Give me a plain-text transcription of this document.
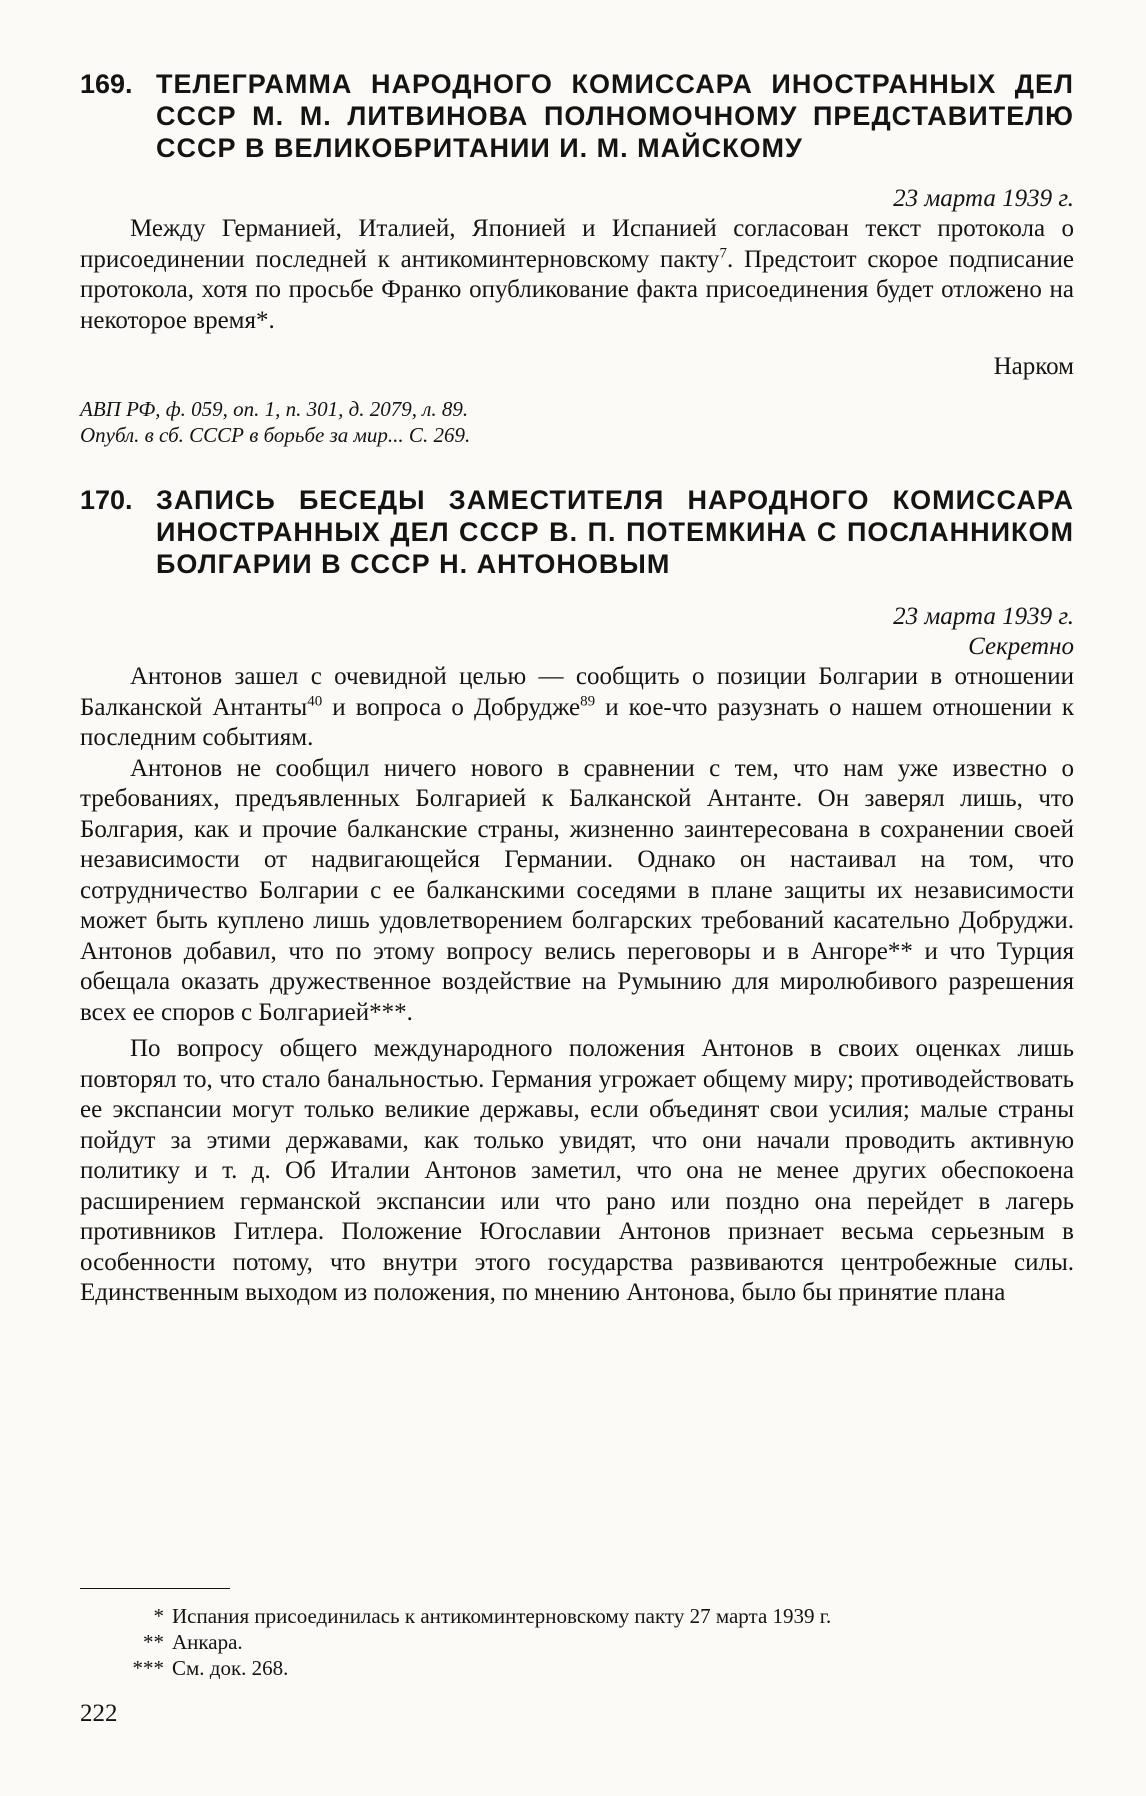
169. ТЕЛЕГРАММА НАРОДНОГО КОМИССАРА ИНОСТРАННЫХ ДЕЛ СССР М. М. ЛИТВИНОВА ПОЛНОМОЧНОМУ ПРЕДСТАВИТЕЛЮ СССР В ВЕЛИКОБРИТАНИИ И. М. МАЙСКОМУ
23 марта 1939 г.

Между Германией, Италией, Японией и Испанией согласован текст протокола о присоединении последней к антикоминтерновскому пакту$^7$. Предстоит скорое подписание протокола, хотя по просьбе Франко опубликование факта присоединения будет отложено на некоторое время*.

Нарком
АВП РФ, ф. 059, оп. 1, п. 301, д. 2079, л. 89.
Опубл. в сб. СССР в борьбе за мир... С. 269.
170. ЗАПИСЬ БЕСЕДЫ ЗАМЕСТИТЕЛЯ НАРОДНОГО КОМИССАРА ИНОСТРАННЫХ ДЕЛ СССР В. П. ПОТЕМКИНА С ПОСЛАННИКОМ БОЛГАРИИ В СССР Н. АНТОНОВЫМ
23 марта 1939 г.
Секретно

Антонов зашел с очевидной целью — сообщить о позиции Болгарии в отношении Балканской Антанты$^{40}$ и вопроса о Добрудже$^{89}$ и кое-что разузнать о нашем отношении к последним событиям.

Антонов не сообщил ничего нового в сравнении с тем, что нам уже известно о требованиях, предъявленных Болгарией к Балканской Антанте. Он заверял лишь, что Болгария, как и прочие балканские страны, жизненно заинтересована в сохранении своей независимости от надвигающейся Германии. Однако он настаивал на том, что сотрудничество Болгарии с ее балканскими соседями в плане защиты их независимости может быть куплено лишь удовлетворением болгарских требований касательно Добруджи. Антонов добавил, что по этому вопросу велись переговоры и в Ангоре** и что Турция обещала оказать дружественное воздействие на Румынию для миролюбивого разрешения всех ее споров с Болгарией***.

По вопросу общего международного положения Антонов в своих оценках лишь повторял то, что стало банальностью. Германия угрожает общему миру; противодействовать ее экспансии могут только великие державы, если объединят свои усилия; малые страны пойдут за этими державами, как только увидят, что они начали проводить активную политику и т. д. Об Италии Антонов заметил, что она не менее других обеспокоена расширением германской экспансии или что рано или поздно она перейдет в лагерь противников Гитлера. Положение Югославии Антонов признает весьма серьезным в особенности потому, что внутри этого государства развиваются центробежные силы. Единственным выходом из положения, по мнению Антонова, было бы принятие плана

* Испания присоединилась к антикоминтерновскому пакту 27 марта 1939 г.
** Анкара.
*** См. док. 268.
222
